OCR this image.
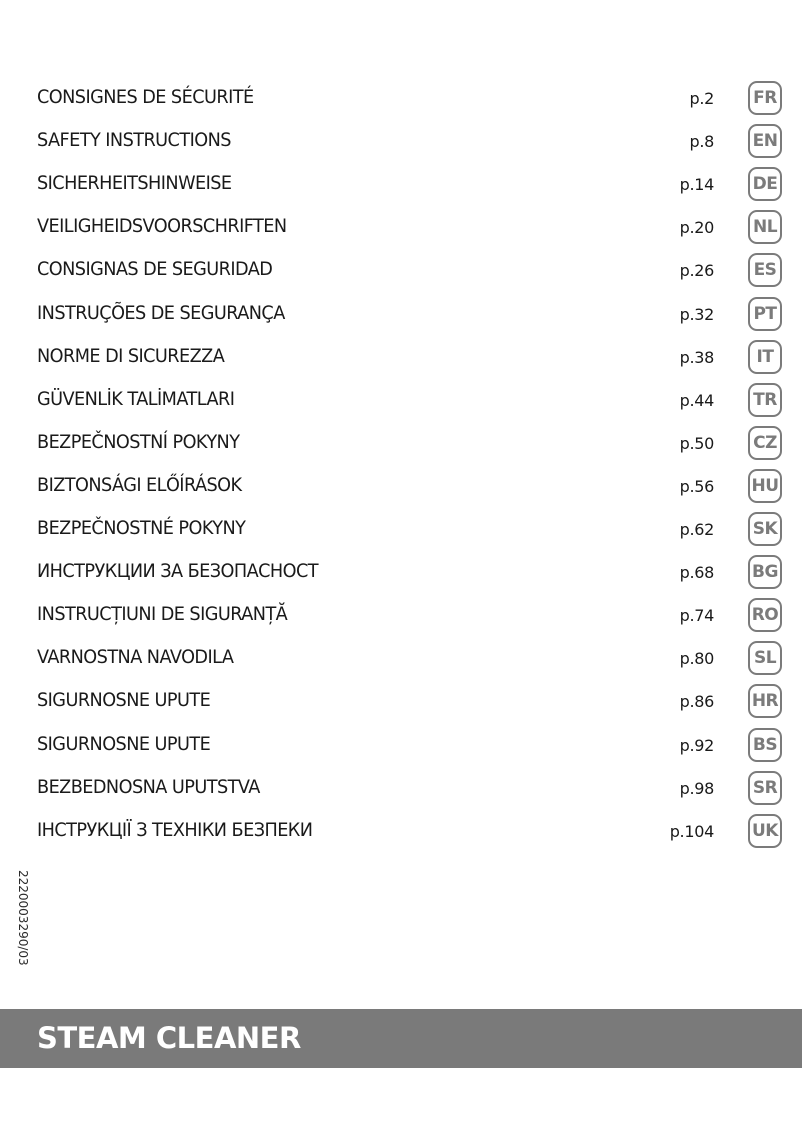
CONSIGNES DE SÉCURITÉ	p.2	FR
SAFETY INSTRUCTIONS	p.8 EN
SICHERHEITSHINWEISE	p.14 DE
VEILIGHEIDSVOORSCHRIFTEN	p.20 NL
CONSIGNAS DE SEGURIDAD	p.26	ES
INSTRUÇÕES DE SEGURANÇA	p.32	PT
NORME DI SICUREZZA	p.38	IT
GÜVENLİK TALİMATLARI	p.44	TR
BEZPEČNOSTNÍ POKYNY	p.50 CZ
BIZTONSÁGI ELŐÍRÁSOK	p.56 HU
BEZPEČNOSTNÉ POKYNY	p.62 SK
ИНСТРУКЦИИ ЗА БЕЗОПАСНОСТ	p.68 BG
INSTRUCȚIUNI DE SIGURANȚĂ	p.74 RO
VARNOSTNA NAVODILA	p.80	SL
SIGURNOSNE UPUTE	p.86 HR
SIGURNOSNE UPUTE	p.92 BS
BEZBEDNOSNA UPUTSTVA	p.98 SR
ІНСТРУКЦІЇ З ТЕХНІКИ БЕЗПЕКИ	p.104 UK
2220003290/03
STEAM CLEANER
